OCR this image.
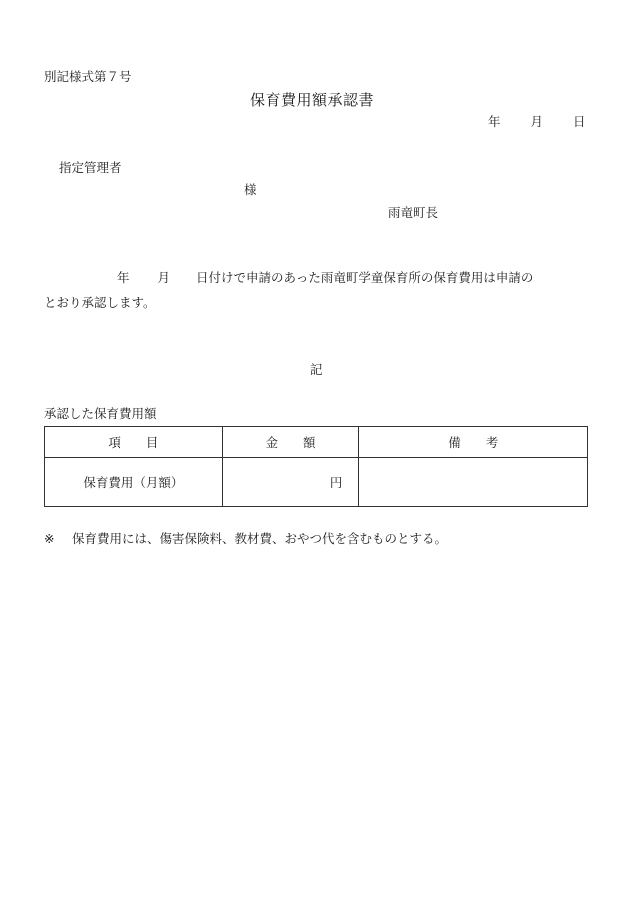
別記様式第７号
保育費用額承認書
年 月 日
指定管理者
様
雨竜町長
年 月 日付けで申請のあった雨竜町学童保育所の保育費用は申請の
とおり承認します。
記
承認した保育費用額
項　　目	金　　額	備　　考
保育費用（月額）	円	
※ 保育費用には、傷害保険料、教材費、おやつ代を含むものとする。
